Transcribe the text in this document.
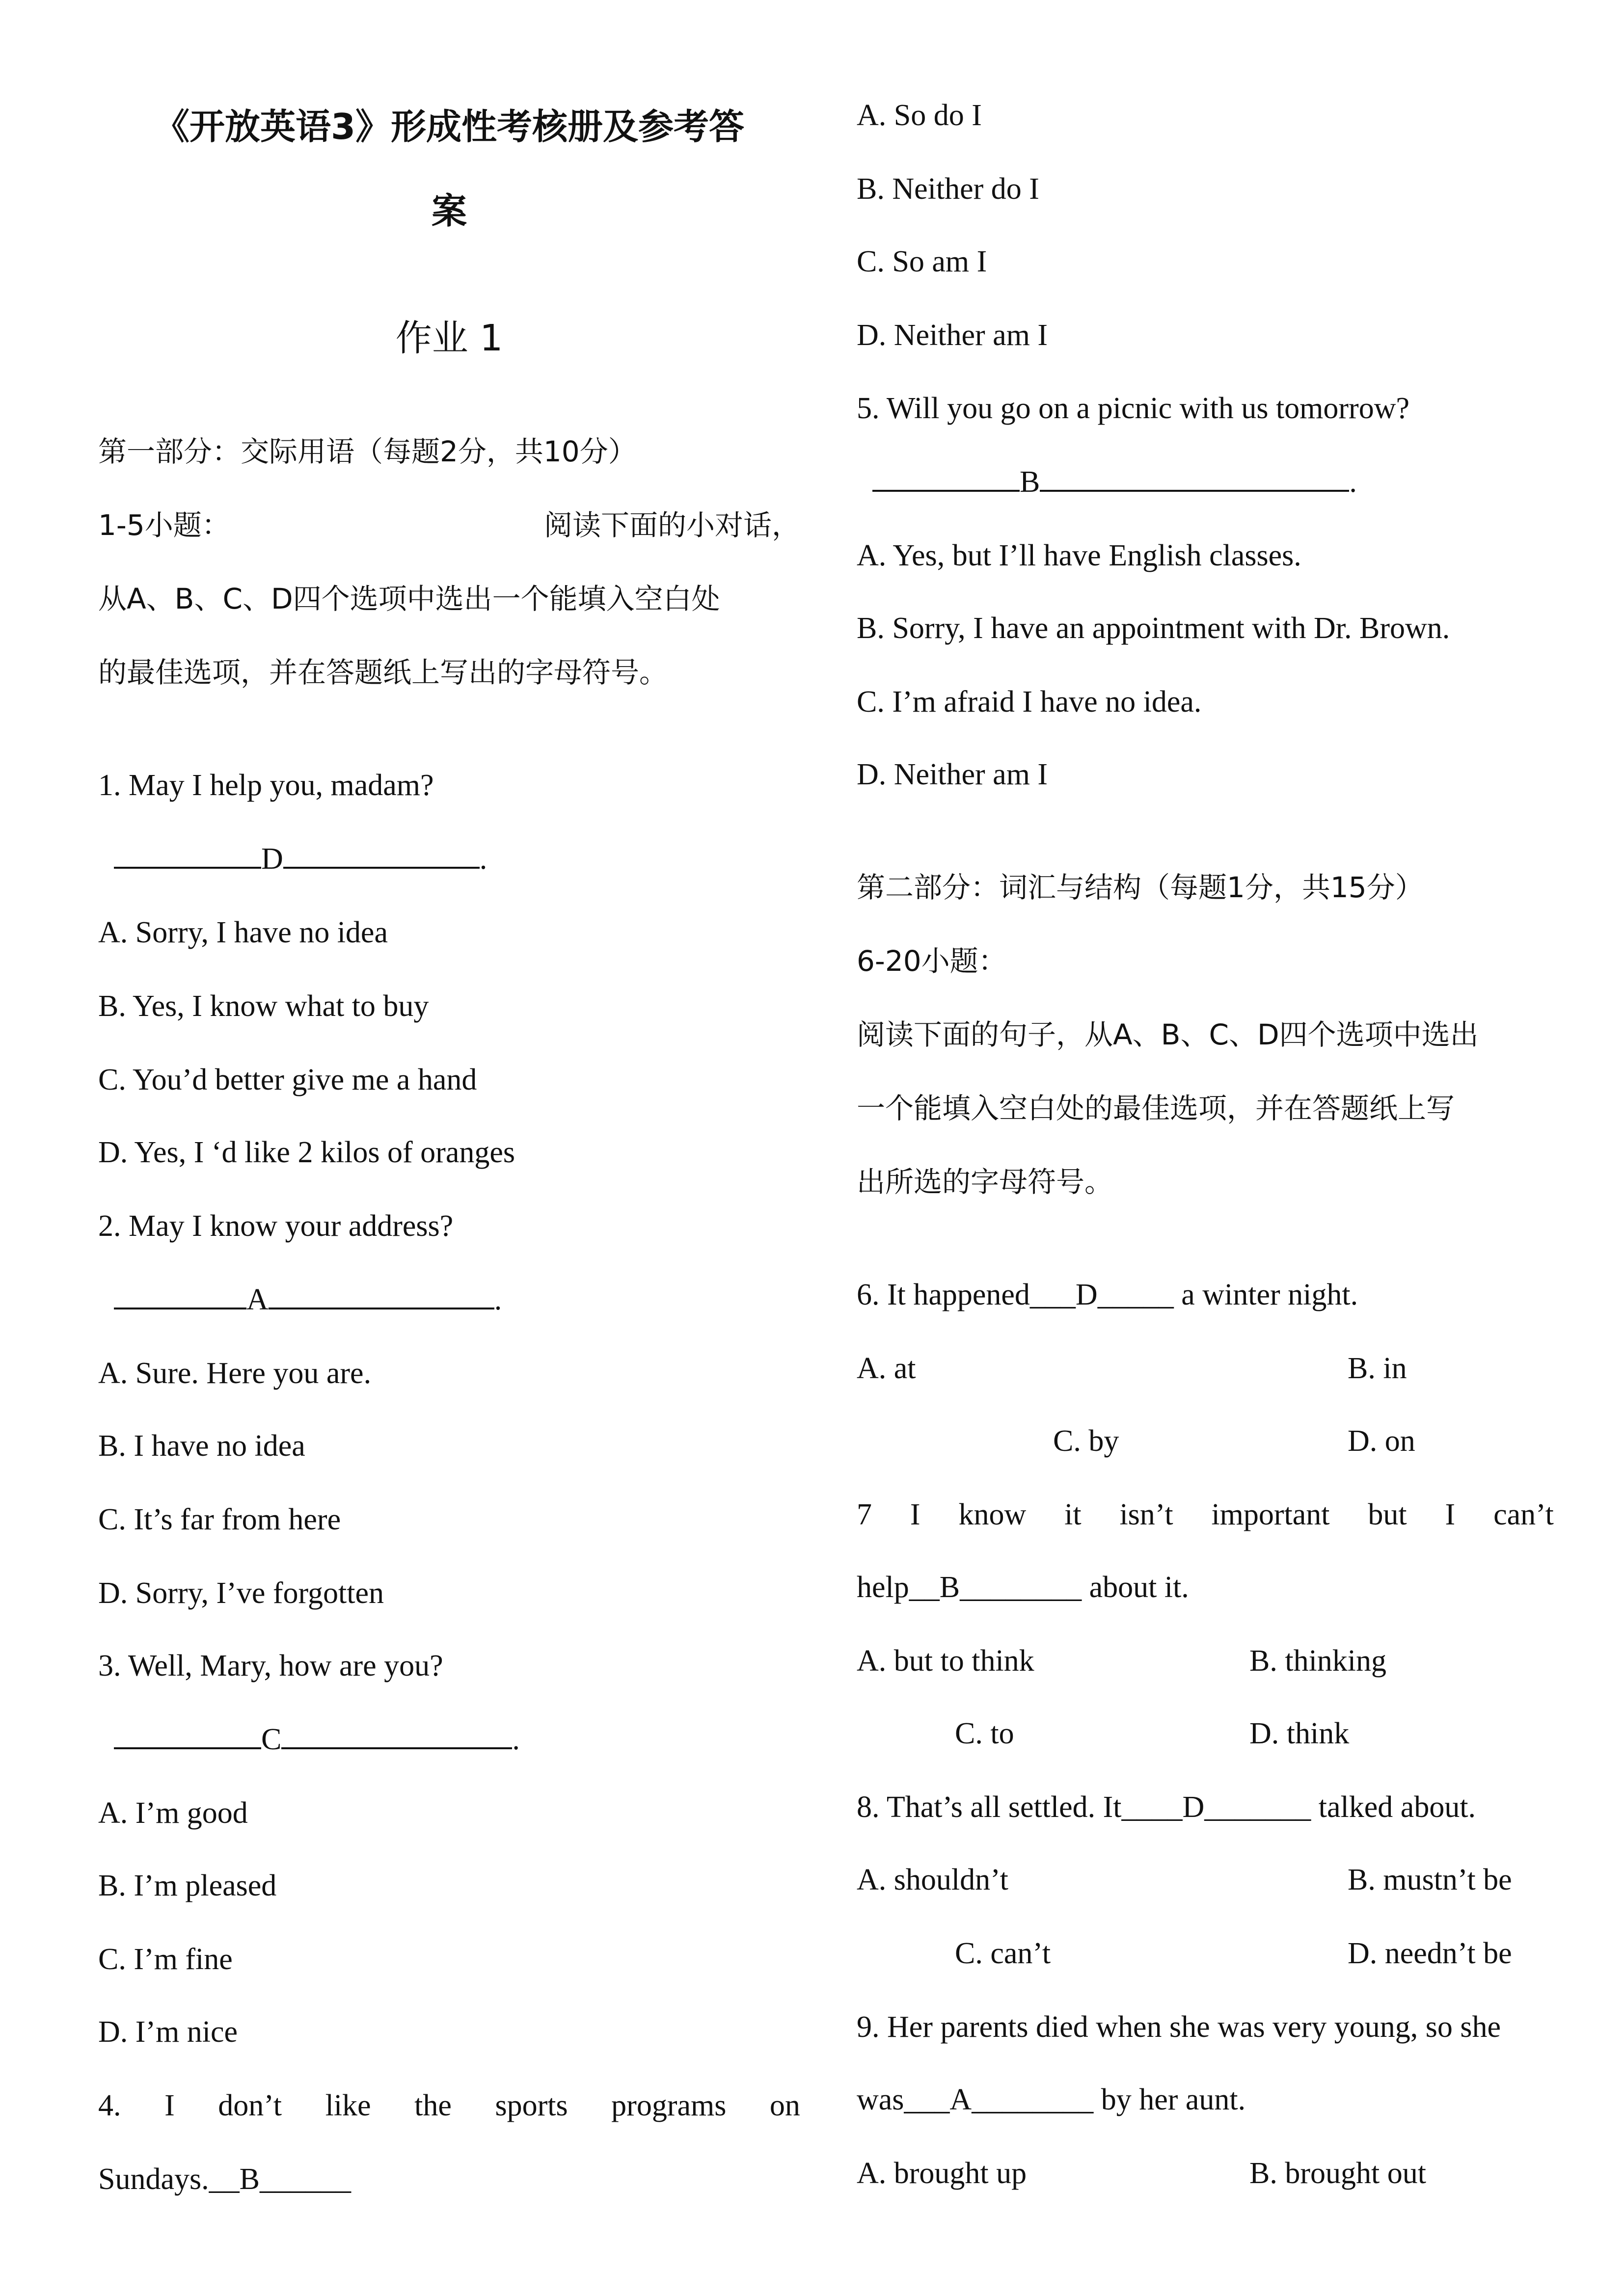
《开放英语3》形成性考核册及参考答
案
作业 1
第一部分：交际用语（每题2分，共10分）
1-5小题：	阅读下面的小对话，
从A、B、C、D四个选项中选出一个能填入空白处
的最佳选项，并在答题纸上写出的字母符号。
1. May I help you, madam?
D	.
A. Sorry, I have no idea
B. Yes, I know what to buy
C. You’d better give me a hand
D. Yes, I ‘d like 2 kilos of oranges
2. May I know your address?
A	.
A. Sure. Here you are.
B. I have no idea
C. It’s far from here
D. Sorry, I’ve forgotten
3. Well, Mary, how are you?
C	.
A. I’m good
B. I’m pleased
C. I’m fine
D. I’m nice
4. I don’t like the sports programs on
Sundays.__B______
A. So do I
B. Neither do I
C. So am I
D. Neither am I
5. Will you go on a picnic with us tomorrow?
B	.
A. Yes, but I’ll have English classes.
B. Sorry, I have an appointment with Dr. Brown.
C. I’m afraid I have no idea.
D. Neither am I
第二部分：词汇与结构（每题1分，共15分）
6-20小题：
阅读下面的句子，从A、B、C、D四个选项中选出
一个能填入空白处的最佳选项，并在答题纸上写
出所选的字母符号。
6. It happened___D_____ a winter night.
A. at	B. in
C. by	D. on
7 I know it isn’t important but I can’t
help__B________ about it.
A. but to think	B. thinking
C. to	D. think
8. That’s all settled. It____D_______ talked about.
A. shouldn’t	B. mustn’t be
C. can’t	D. needn’t be
9. Her parents died when she was very young, so she
was___A________ by her aunt.
A. brought up	B. brought out
